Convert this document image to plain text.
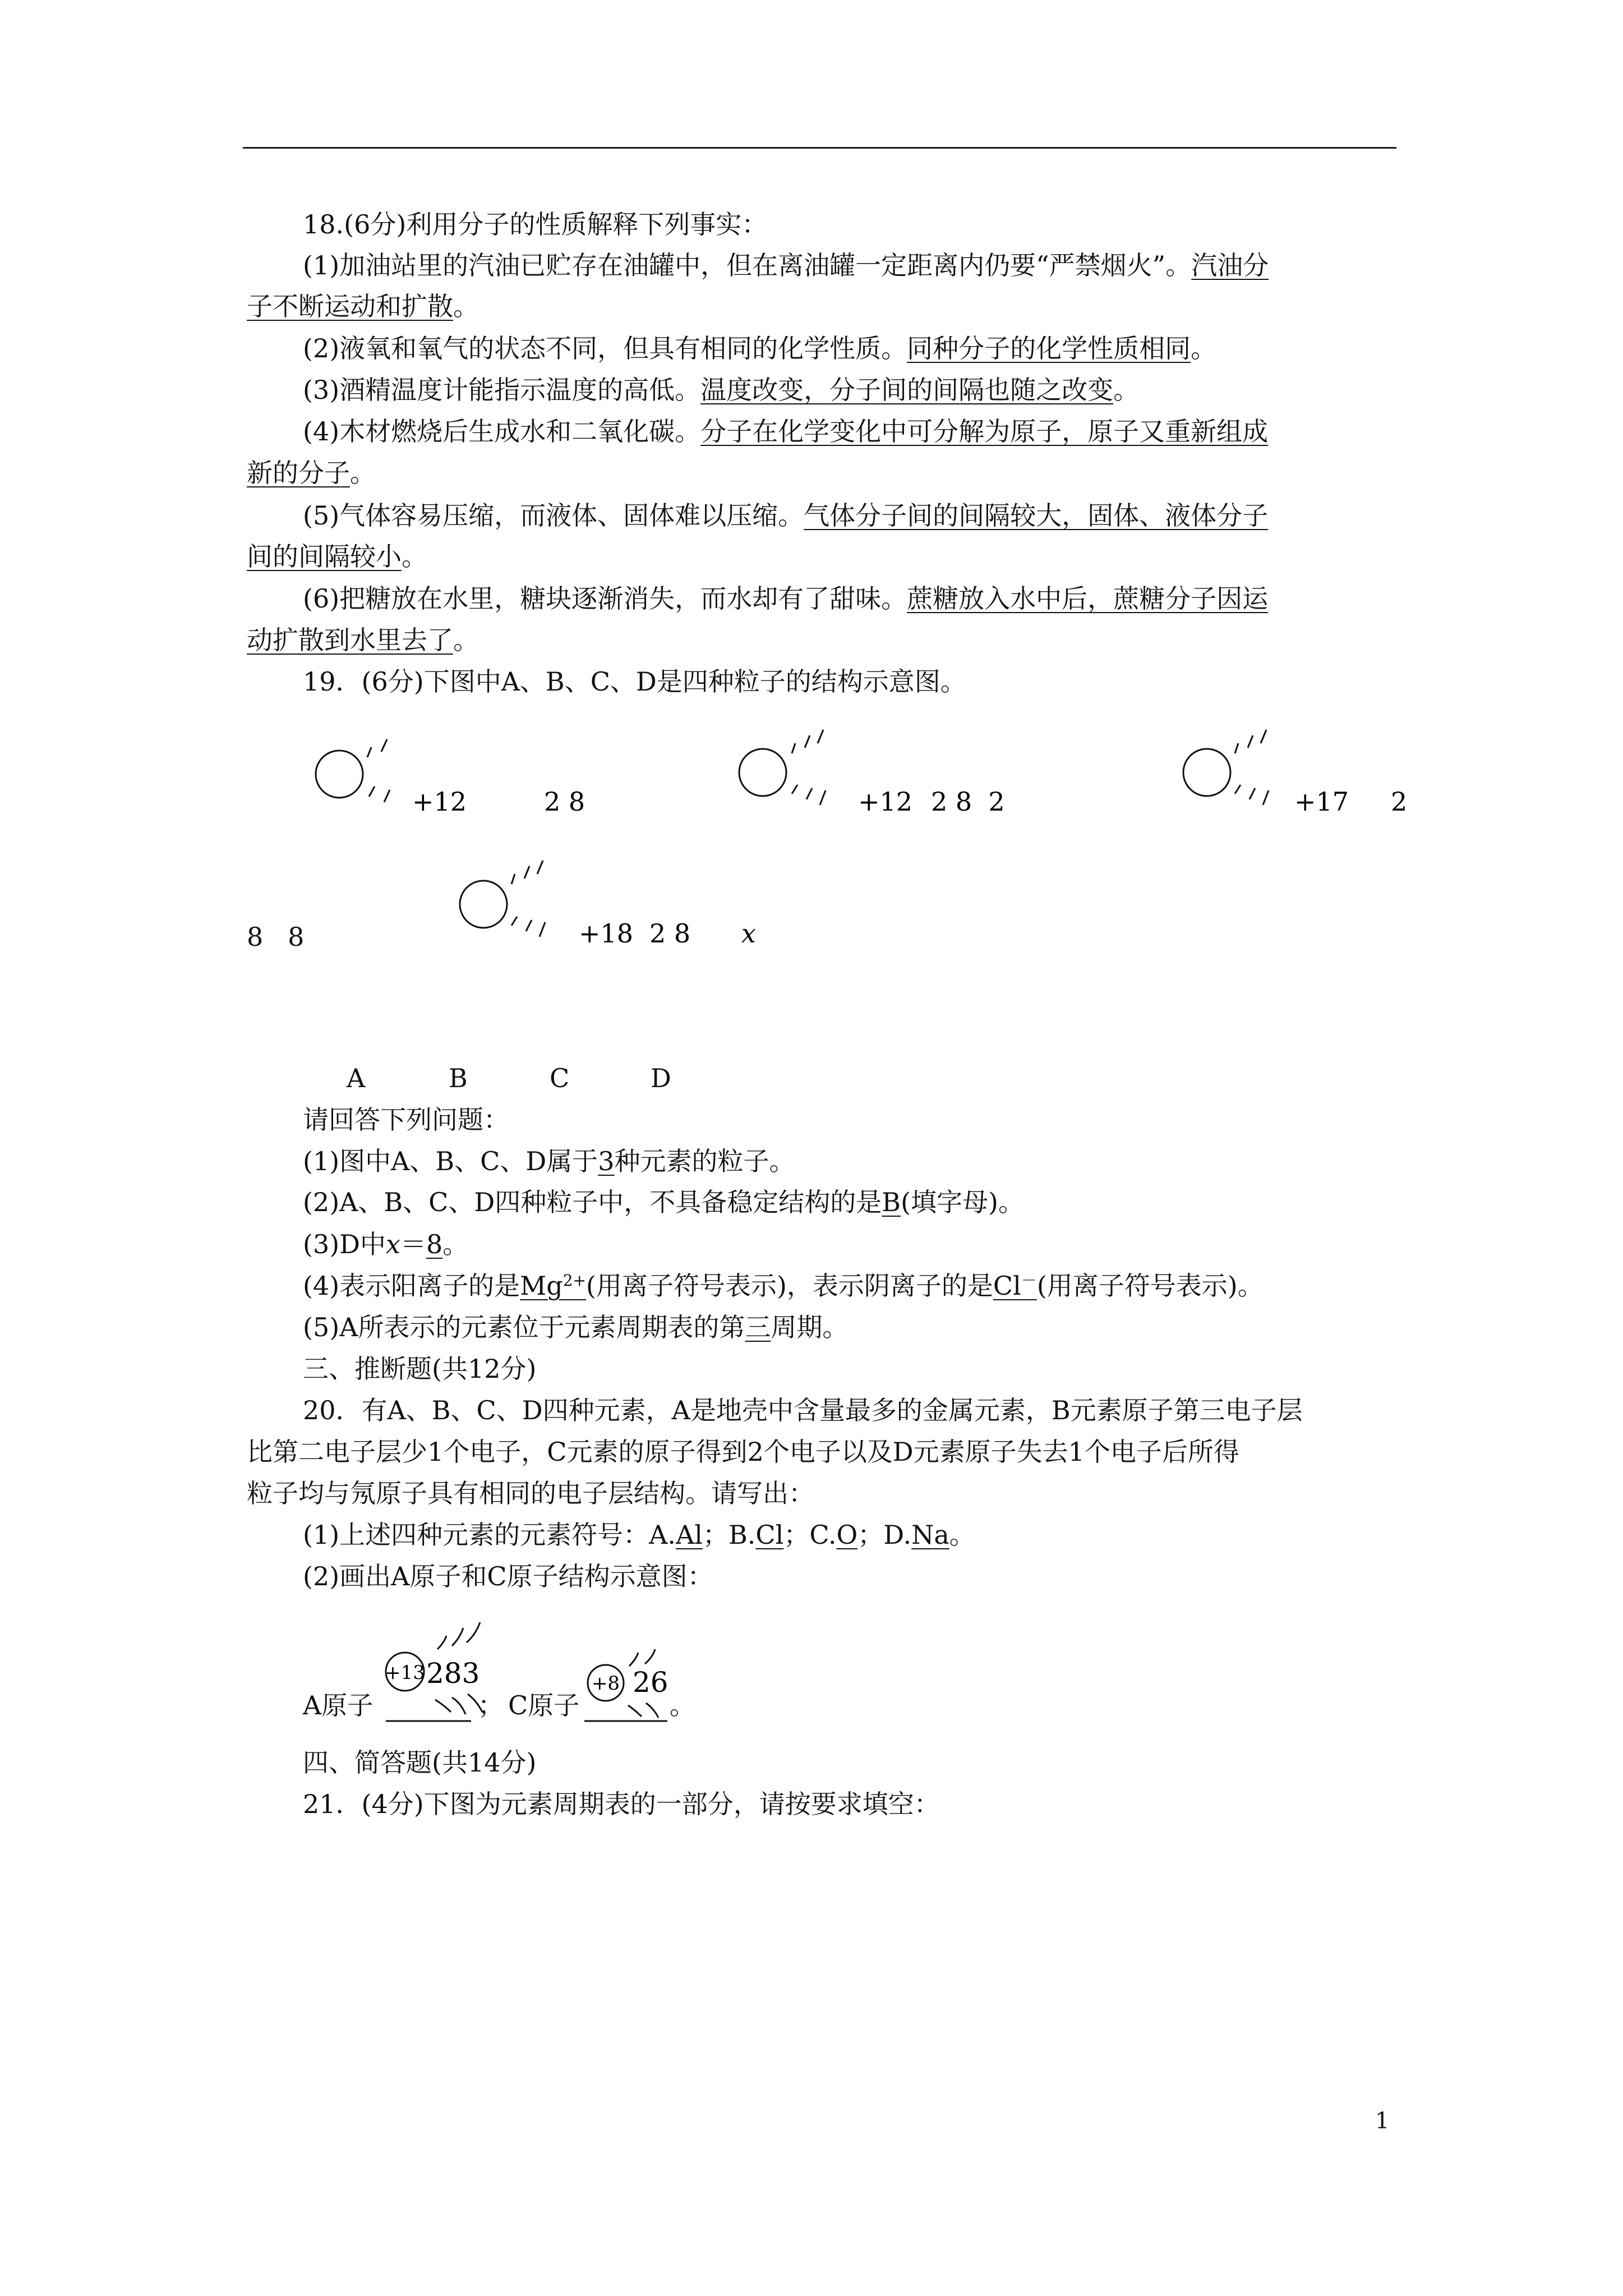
18.(6分)利用分子的性质解释下列事实：
(1)加油站里的汽油已贮存在油罐中，但在离油罐一定距离内仍要“严禁烟火”。汽油分
子不断运动和扩散。
(2)液氧和氧气的状态不同，但具有相同的化学性质。同种分子的化学性质相同。
(3)酒精温度计能指示温度的高低。温度改变，分子间的间隔也随之改变。
(4)木材燃烧后生成水和二氧化碳。分子在化学变化中可分解为原子，原子又重新组成
新的分子。
(5)气体容易压缩，而液体、固体难以压缩。气体分子间的间隔较大，固体、液体分子
间的间隔较小。
(6)把糖放在水里，糖块逐渐消失，而水却有了甜味。蔗糖放入水中后，蔗糖分子因运
动扩散到水里去了。
19．(6分)下图中A、B、C、D是四种粒子的结构示意图。
+12	2 8	+12 2 8  2	+17 2
8   8	+18 2 8 x
A	B	C	D
请回答下列问题：
(1)图中A、B、C、D属于3种元素的粒子。
(2)A、B、C、D四种粒子中，不具备稳定结构的是B(填字母)。
(3)D中x＝8。
(4)表示阳离子的是$Mg^{2+}$(用离子符号表示)，表示阴离子的是Cl－(用离子符号表示)。
(5)A所表示的元素位于元素周期表的第三周期。
三、推断题(共12分)
20．有A、B、C、D四种元素，A是地壳中含量最多的金属元素，B元素原子第三电子层
比第二电子层少1个电子，C元素的原子得到2个电子以及D元素原子失去1个电子后所得
粒子均与氖原子具有相同的电子层结构。请写出：
(1)上述四种元素的元素符号：A.Al；B.Cl；C.O；D.Na。
(2)画出A原子和C原子结构示意图：
A原子
+13 283
； C原子
+8 26
。
四、简答题(共14分)
21．(4分)下图为元素周期表的一部分，请按要求填空：
1
